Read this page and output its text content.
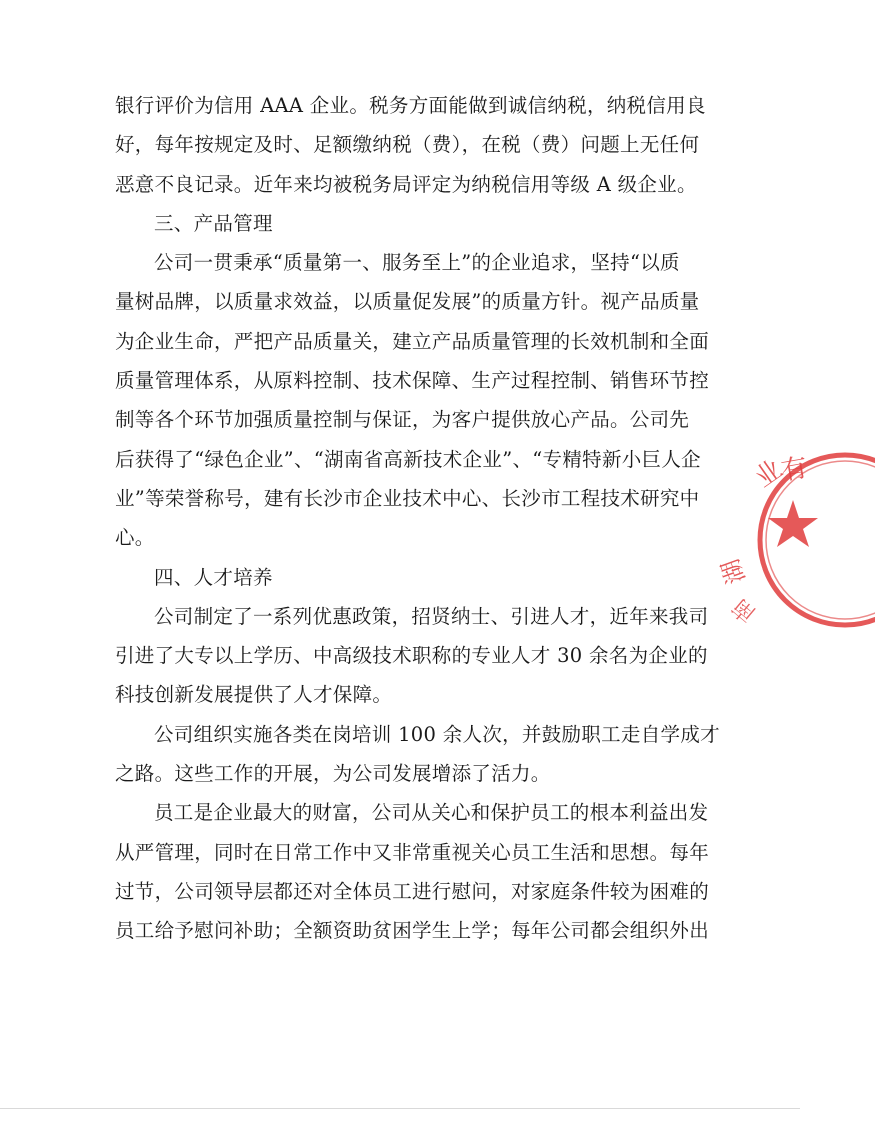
银行评价为信用 AAA 企业。税务方面能做到诚信纳税，纳税信用良
好，每年按规定及时、足额缴纳税（费），在税（费）问题上无任何
恶意不良记录。近年来均被税务局评定为纳税信用等级 A 级企业。
三、产品管理
公司一贯秉承“质量第一、服务至上”的企业追求，坚持“以质
量树品牌，以质量求效益，以质量促发展”的质量方针。视产品质量
为企业生命，严把产品质量关，建立产品质量管理的长效机制和全面
质量管理体系，从原料控制、技术保障、生产过程控制、销售环节控
制等各个环节加强质量控制与保证，为客户提供放心产品。公司先
后获得了“绿色企业”、“湖南省高新技术企业”、“专精特新小巨人企
业”等荣誉称号，建有长沙市企业技术中心、长沙市工程技术研究中
心。
四、人才培养
公司制定了一系列优惠政策，招贤纳士、引进人才，近年来我司
引进了大专以上学历、中高级技术职称的专业人才 30 余名为企业的
科技创新发展提供了人才保障。
公司组织实施各类在岗培训 100 余人次，并鼓励职工走自学成才
之路。这些工作的开展，为公司发展增添了活力。
员工是企业最大的财富，公司从关心和保护员工的根本利益出发
从严管理，同时在日常工作中又非常重视关心员工生活和思想。每年
过节，公司领导层都还对全体员工进行慰问，对家庭条件较为困难的
员工给予慰问补助；全额资助贫困学生上学；每年公司都会组织外出
业
有
湖
南
